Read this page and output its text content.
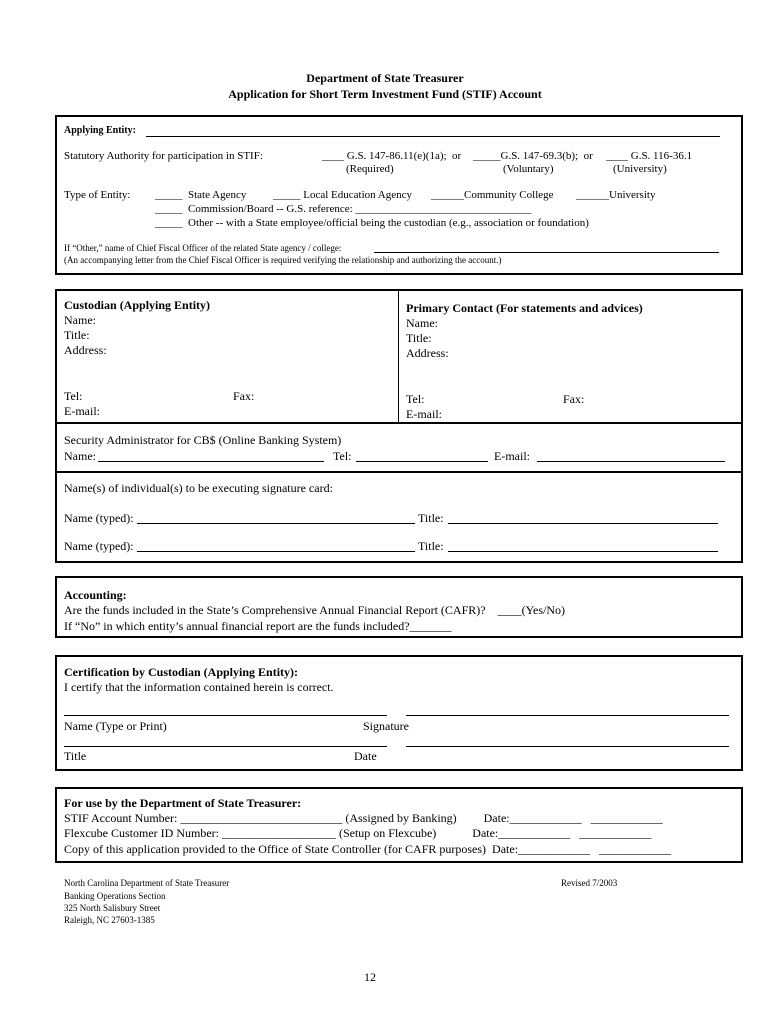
Department of State Treasurer
Application for Short Term Investment Fund (STIF) Account
Applying Entity:
Statutory Authority for participation in STIF:	____ G.S. 147-86.11(e)(1a);  or _____G.S. 147-69.3(b);  or ____ G.S. 116-36.1
(Required)	(Voluntary)	(University)
Type of Entity: _____  State Agency _____ Local Education Agency ______Community College ______University
_____  Commission/Board -- G.S. reference: ________________________________
_____  Other -- with a State employee/official being the custodian (e.g., association or foundation)
If “Other,” name of Chief Fiscal Officer of the related State agency / college:
(An accompanying letter from the Chief Fiscal Officer is required verifying the relationship and authorizing the account.)
Custodian (Applying Entity)
Name:
Title:
Address:
Tel:	Fax:
E-mail:
Primary Contact (For statements and advices)
Name:
Title:
Address:
Tel:	Fax:
E-mail:
Security Administrator for CB$ (Online Banking System)
Name:	Tel:	E-mail:
Name(s) of individual(s) to be executing signature card:
Name (typed):	Title:
Name (typed):	Title:
Accounting:
Are the funds included in the State’s Comprehensive Annual Financial Report (CAFR)?    ____(Yes/No)
If “No” in which entity’s annual financial report are the funds included?_______
Certification by Custodian (Applying Entity):
I certify that the information contained herein is correct.
Name (Type or Print)	Signature
Title	Date
For use by the Department of State Treasurer:
STIF Account Number: ___________________________ (Assigned by Banking)         Date:____________   ____________
Flexcube Customer ID Number: ___________________ (Setup on Flexcube)            Date:____________   ____________
Copy of this application provided to the Office of State Controller (for CAFR purposes)  Date:____________   ____________
North Carolina Department of State Treasurer
Banking Operations Section
325 North Salisbury Street
Raleigh, NC 27603-1385
Revised 7/2003
12
